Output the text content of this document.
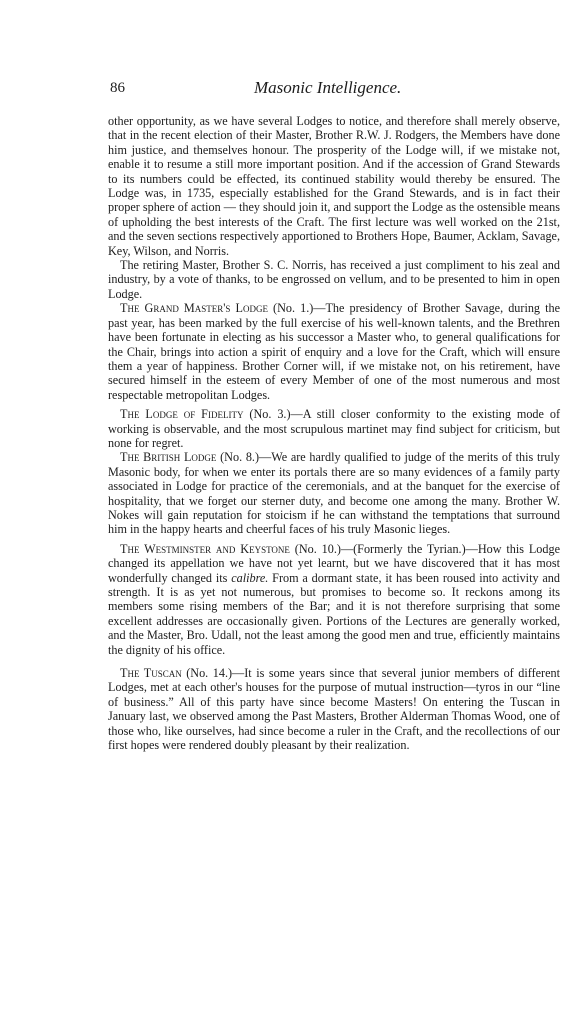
86	Masonic Intelligence.

other opportunity, as we have several Lodges to notice, and therefore shall merely observe, that in the recent election of their Master, Brother R.W. J. Rodgers, the Members have done him justice, and themselves honour. The prosperity of the Lodge will, if we mistake not, enable it to resume a still more important position. And if the accession of Grand Stewards to its numbers could be effected, its continued stability would thereby be ensured. The Lodge was, in 1735, especially established for the Grand Stewards, and is in fact their proper sphere of action — they should join it, and support the Lodge as the ostensible means of upholding the best interests of the Craft. The first lecture was well worked on the 21st, and the seven sections respectively apportioned to Brothers Hope, Baumer, Acklam, Savage, Key, Wilson, and Norris.

The retiring Master, Brother S. C. Norris, has received a just compliment to his zeal and industry, by a vote of thanks, to be engrossed on vellum, and to be presented to him in open Lodge.

The Grand Master's Lodge (No. 1.)—The presidency of Brother Savage, during the past year, has been marked by the full exercise of his well-known talents, and the Brethren have been fortunate in electing as his successor a Master who, to general qualifications for the Chair, brings into action a spirit of enquiry and a love for the Craft, which will ensure them a year of happiness. Brother Corner will, if we mistake not, on his retirement, have secured himself in the esteem of every Member of one of the most numerous and most respectable metropolitan Lodges.

The Lodge of Fidelity (No. 3.)—A still closer conformity to the existing mode of working is observable, and the most scrupulous martinet may find subject for criticism, but none for regret.

The British Lodge (No. 8.)—We are hardly qualified to judge of the merits of this truly Masonic body, for when we enter its portals there are so many evidences of a family party associated in Lodge for practice of the ceremonials, and at the banquet for the exercise of hospitality, that we forget our sterner duty, and become one among the many. Brother W. Nokes will gain reputation for stoicism if he can withstand the temptations that surround him in the happy hearts and cheerful faces of his truly Masonic lieges.

The Westminster and Keystone (No. 10.)—(Formerly the Tyrian.)—How this Lodge changed its appellation we have not yet learnt, but we have discovered that it has most wonderfully changed its calibre. From a dormant state, it has been roused into activity and strength. It is as yet not numerous, but promises to become so. It reckons among its members some rising members of the Bar; and it is not therefore surprising that some excellent addresses are occasionally given. Portions of the Lectures are generally worked, and the Master, Bro. Udall, not the least among the good men and true, efficiently maintains the dignity of his office.

The Tuscan (No. 14.)—It is some years since that several junior members of different Lodges, met at each other's houses for the purpose of mutual instruction—tyros in our “line of business.” All of this party have since become Masters! On entering the Tuscan in January last, we observed among the Past Masters, Brother Alderman Thomas Wood, one of those who, like ourselves, had since become a ruler in the Craft, and the recollections of our first hopes were rendered doubly pleasant by their realization.
